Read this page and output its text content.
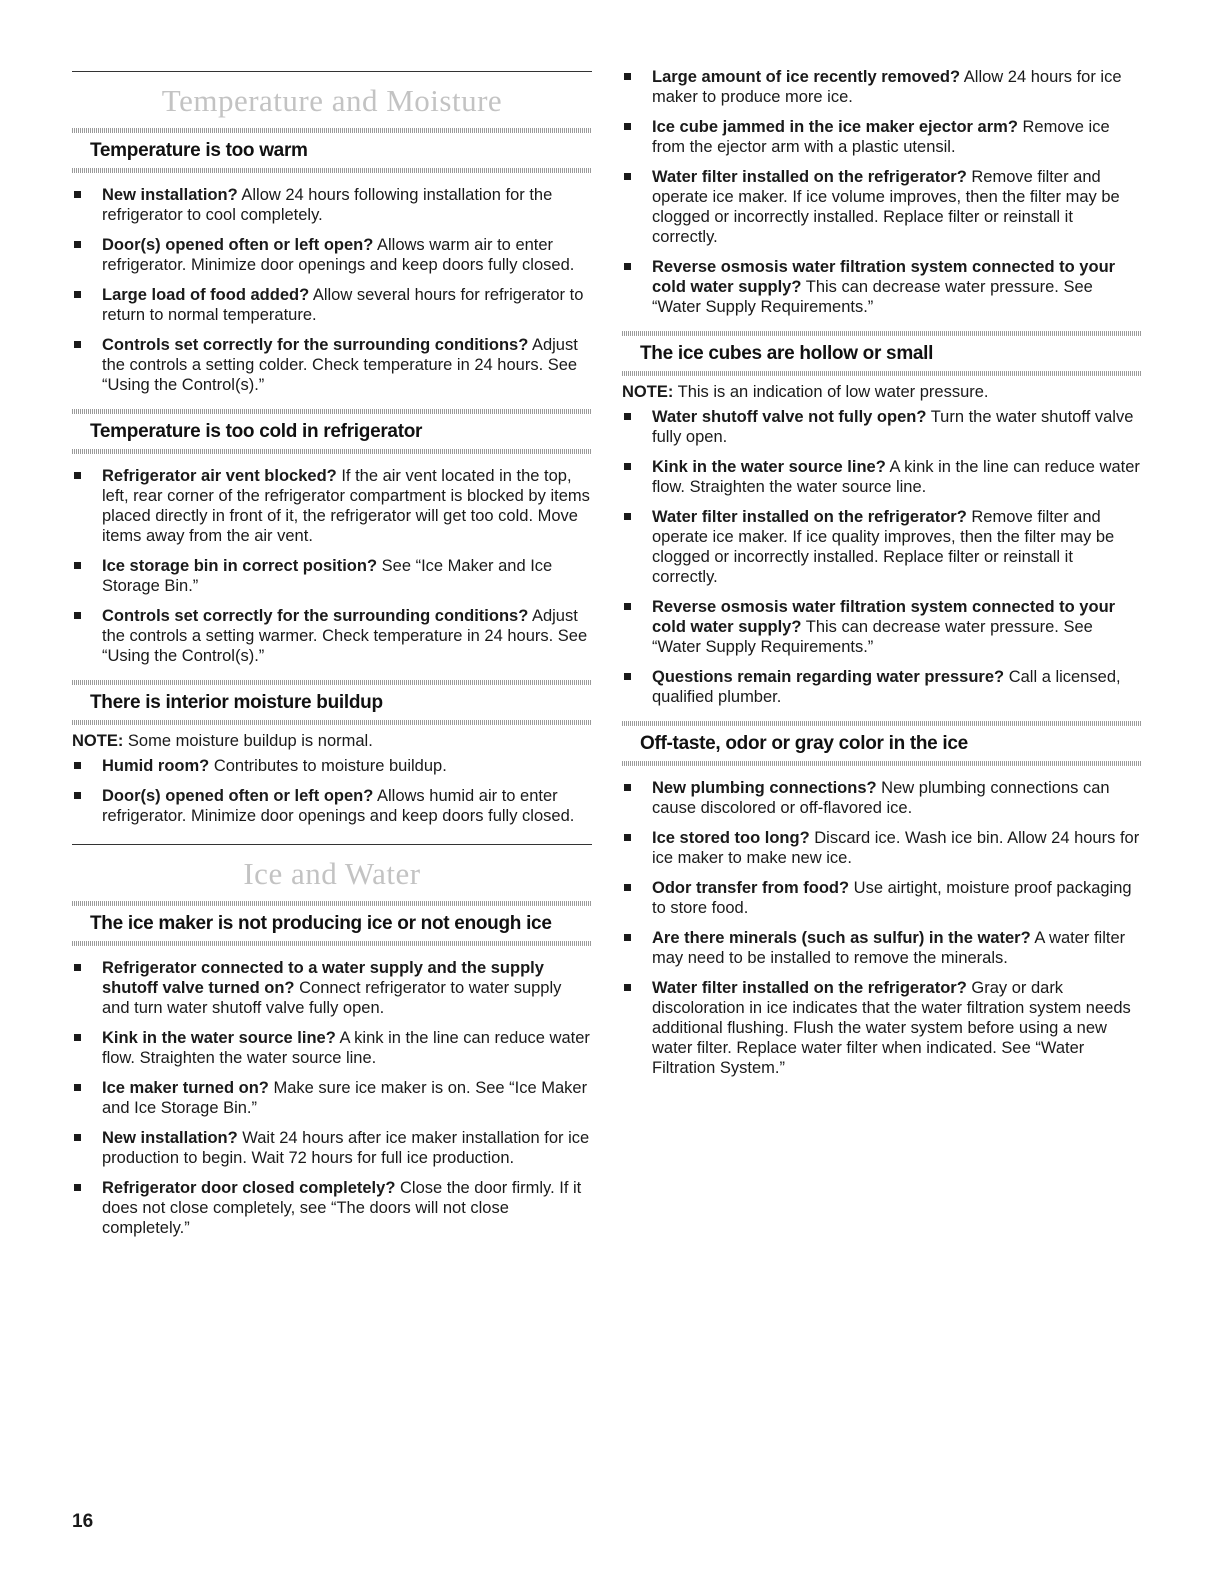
Temperature and Moisture
Temperature is too warm
New installation? Allow 24 hours following installation for the refrigerator to cool completely.
Door(s) opened often or left open? Allows warm air to enter refrigerator. Minimize door openings and keep doors fully closed.
Large load of food added? Allow several hours for refrigerator to return to normal temperature.
Controls set correctly for the surrounding conditions? Adjust the controls a setting colder. Check temperature in 24 hours. See “Using the Control(s).”
Temperature is too cold in refrigerator
Refrigerator air vent blocked? If the air vent located in the top, left, rear corner of the refrigerator compartment is blocked by items placed directly in front of it, the refrigerator will get too cold. Move items away from the air vent.
Ice storage bin in correct position? See “Ice Maker and Ice Storage Bin.”
Controls set correctly for the surrounding conditions? Adjust the controls a setting warmer. Check temperature in 24 hours. See “Using the Control(s).”
There is interior moisture buildup
NOTE: Some moisture buildup is normal.
Humid room? Contributes to moisture buildup.
Door(s) opened often or left open? Allows humid air to enter refrigerator. Minimize door openings and keep doors fully closed.
Ice and Water
The ice maker is not producing ice or not enough ice
Refrigerator connected to a water supply and the supply shutoff valve turned on? Connect refrigerator to water supply and turn water shutoff valve fully open.
Kink in the water source line? A kink in the line can reduce water flow. Straighten the water source line.
Ice maker turned on? Make sure ice maker is on. See “Ice Maker and Ice Storage Bin.”
New installation? Wait 24 hours after ice maker installation for ice production to begin. Wait 72 hours for full ice production.
Refrigerator door closed completely? Close the door firmly. If it does not close completely, see “The doors will not close completely.”
Large amount of ice recently removed? Allow 24 hours for ice maker to produce more ice.
Ice cube jammed in the ice maker ejector arm? Remove ice from the ejector arm with a plastic utensil.
Water filter installed on the refrigerator? Remove filter and operate ice maker. If ice volume improves, then the filter may be clogged or incorrectly installed. Replace filter or reinstall it correctly.
Reverse osmosis water filtration system connected to your cold water supply? This can decrease water pressure. See “Water Supply Requirements.”
The ice cubes are hollow or small
NOTE: This is an indication of low water pressure.
Water shutoff valve not fully open? Turn the water shutoff valve fully open.
Kink in the water source line? A kink in the line can reduce water flow. Straighten the water source line.
Water filter installed on the refrigerator? Remove filter and operate ice maker. If ice quality improves, then the filter may be clogged or incorrectly installed. Replace filter or reinstall it correctly.
Reverse osmosis water filtration system connected to your cold water supply? This can decrease water pressure. See “Water Supply Requirements.”
Questions remain regarding water pressure? Call a licensed, qualified plumber.
Off-taste, odor or gray color in the ice
New plumbing connections? New plumbing connections can cause discolored or off-flavored ice.
Ice stored too long? Discard ice. Wash ice bin. Allow 24 hours for ice maker to make new ice.
Odor transfer from food? Use airtight, moisture proof packaging to store food.
Are there minerals (such as sulfur) in the water? A water filter may need to be installed to remove the minerals.
Water filter installed on the refrigerator? Gray or dark discoloration in ice indicates that the water filtration system needs additional flushing. Flush the water system before using a new water filter. Replace water filter when indicated. See “Water Filtration System.”
16
